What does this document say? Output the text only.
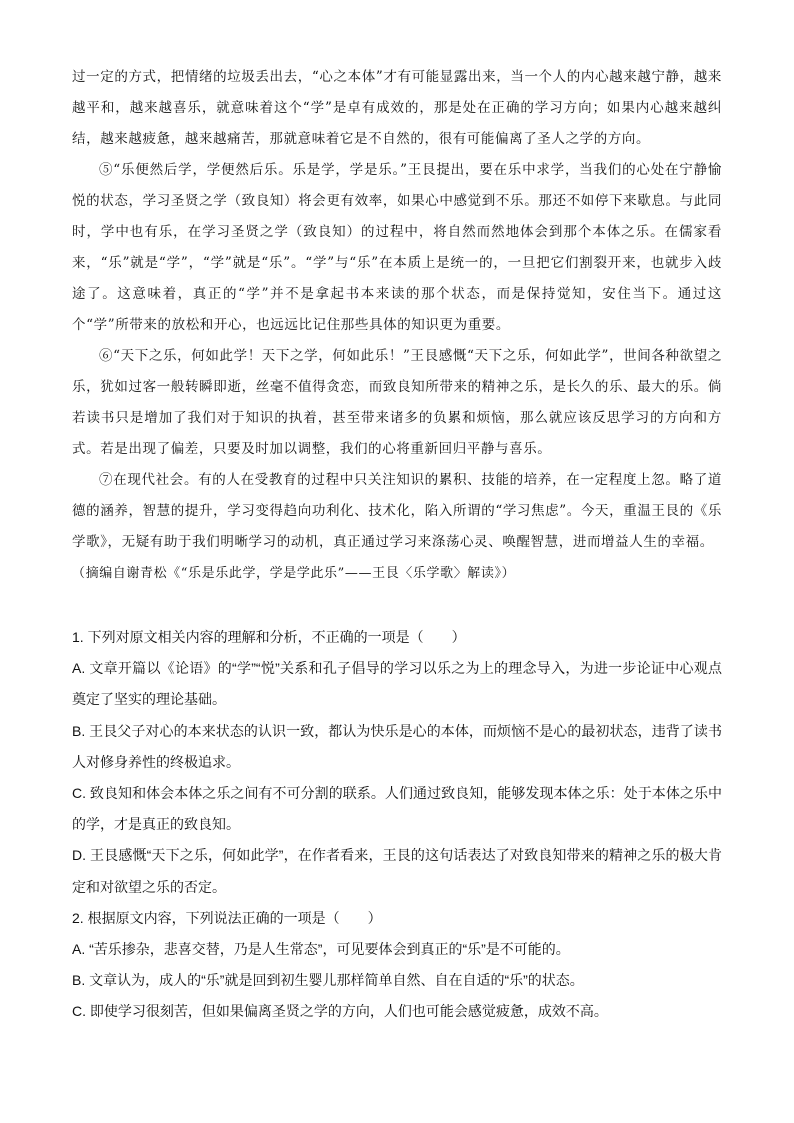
过一定的方式，把情绪的垃圾丢出去，“心之本体”才有可能显露出来，当一个人的内心越来越宁静，越来越平和，越来越喜乐，就意味着这个“学”是卓有成效的，那是处在正确的学习方向；如果内心越来越纠结，越来越疲惫，越来越痛苦，那就意味着它是不自然的，很有可能偏离了圣人之学的方向。

⑤“乐便然后学，学便然后乐。乐是学，学是乐。”王艮提出，要在乐中求学，当我们的心处在宁静愉悦的状态，学习圣贤之学（致良知）将会更有效率，如果心中感觉到不乐。那还不如停下来歇息。与此同时，学中也有乐，在学习圣贤之学（致良知）的过程中，将自然而然地体会到那个本体之乐。在儒家看来，“乐”就是“学”，“学”就是“乐”。“学”与“乐”在本质上是统一的，一旦把它们割裂开来，也就步入歧途了。这意味着，真正的“学”并不是拿起书本来读的那个状态，而是保持觉知，安住当下。通过这个“学”所带来的放松和开心，也远远比记住那些具体的知识更为重要。

⑥“天下之乐，何如此学！天下之学，何如此乐！”王艮感慨“天下之乐，何如此学”，世间各种欲望之乐，犹如过客一般转瞬即逝，丝毫不值得贪恋，而致良知所带来的精神之乐，是长久的乐、最大的乐。倘若读书只是增加了我们对于知识的执着，甚至带来诸多的负累和烦恼，那么就应该反思学习的方向和方式。若是出现了偏差，只要及时加以调整，我们的心将重新回归平静与喜乐。

⑦在现代社会。有的人在受教育的过程中只关注知识的累积、技能的培养，在一定程度上忽。略了道德的涵养，智慧的提升，学习变得趋向功利化、技术化，陷入所谓的“学习焦虑”。今天，重温王艮的《乐学歌》，无疑有助于我们明晰学习的动机，真正通过学习来涤荡心灵、唤醒智慧，进而增益人生的幸福。

（摘编自谢青松《“乐是乐此学，学是学此乐”——王艮〈乐学歌〉解读》）

1. 下列对原文相关内容的理解和分析，不正确的一项是（　　）

A. 文章开篇以《论语》的“学”“悦”关系和孔子倡导的学习以乐之为上的理念导入，为进一步论证中心观点奠定了坚实的理论基础。

B. 王艮父子对心的本来状态的认识一致，都认为快乐是心的本体，而烦恼不是心的最初状态，违背了读书人对修身养性的终极追求。

C. 致良知和体会本体之乐之间有不可分割的联系。人们通过致良知，能够发现本体之乐：处于本体之乐中的学，才是真正的致良知。

D. 王艮感慨“天下之乐，何如此学”，在作者看来，王艮的这句话表达了对致良知带来的精神之乐的极大肯定和对欲望之乐的否定。

2. 根据原文内容，下列说法正确的一项是（　　）

A. “苦乐掺杂，悲喜交替，乃是人生常态”，可见要体会到真正的“乐”是不可能的。

B. 文章认为，成人的“乐”就是回到初生婴儿那样简单自然、自在自适的“乐”的状态。

C. 即使学习很刻苦，但如果偏离圣贤之学的方向，人们也可能会感觉疲惫，成效不高。
